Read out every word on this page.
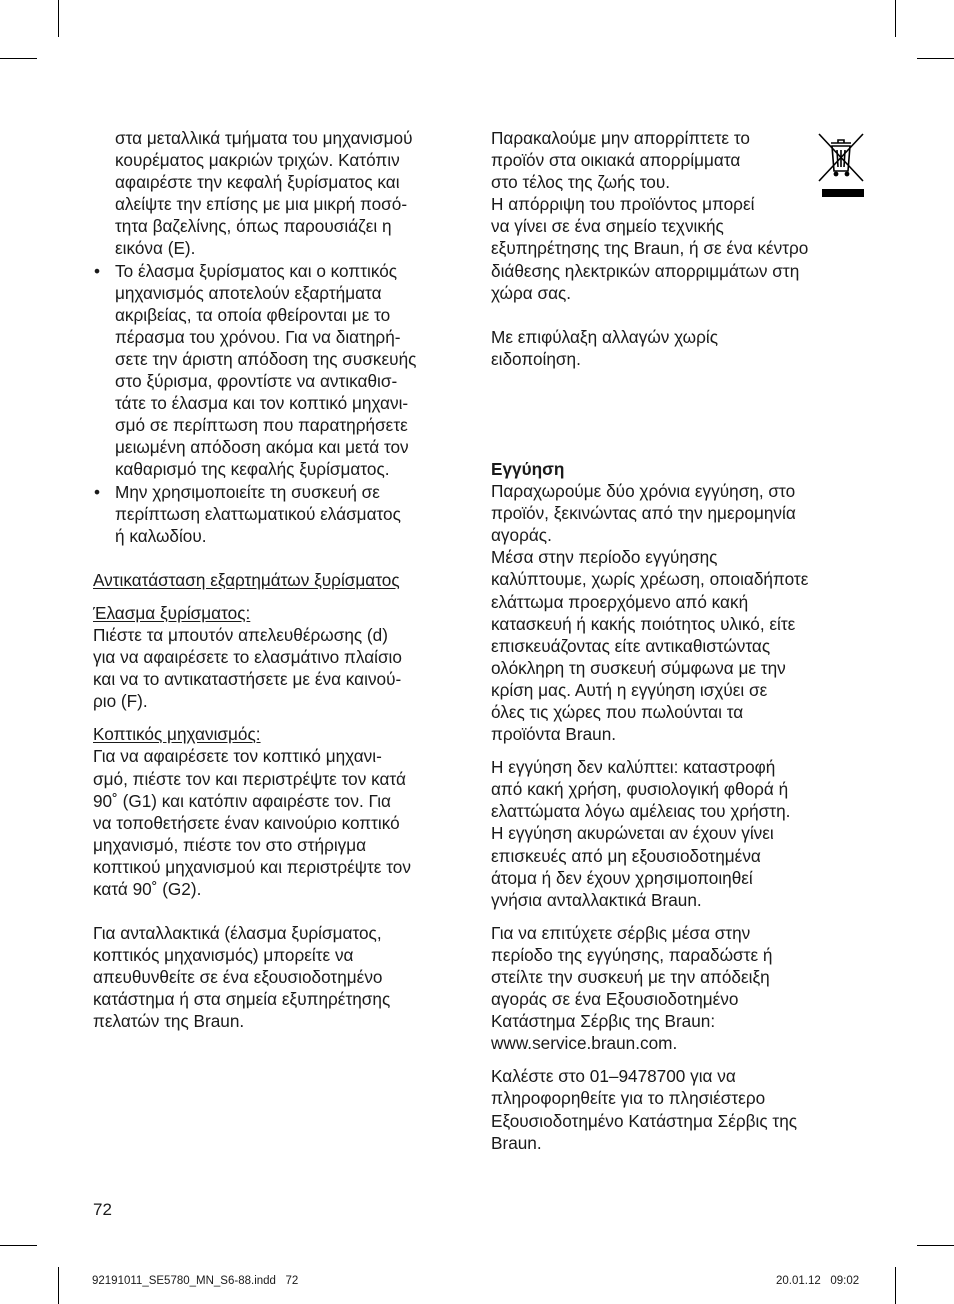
στα μεταλλικά τμήματα του μηχανισμού
κουρέματος μακριών τριχών. Κατόπιν
αφαιρέστε την κεφαλή ξυρίσματος και
αλείψτε την επίσης με μια μικρή ποσό-
τητα βαζελίνης, όπως παρουσιάζει η
εικόνα (E).
• Το έλασμα ξυρίσματος και ο κοπτικός
μηχανισμός αποτελούν εξαρτήματα
ακριβείας, τα οποία φθείρονται με το
πέρασμα του χρόνου. Για να διατηρή-
σετε την άριστη απόδοση της συσκευής
στο ξύρισμα, φροντίστε να αντικαθισ-
τάτε το έλασμα και τον κοπτικό μηχανι-
σμό σε περίπτωση που παρατηρήσετε
μειωμένη απόδοση ακόμα και μετά τον
καθαρισμό της κεφαλής ξυρίσματος.
• Μην χρησιμοποιείτε τη συσκευή σε
περίπτωση ελαττωματικού ελάσματος
ή καλωδίου.

Αντικατάσταση εξαρτημάτων ξυρίσματος

Έλασμα ξυρίσματος:

Πιέστε τα μπουτόν απελευθέρωσης (d)
για να αφαιρέσετε το ελασμάτινο πλαίσιο
και να το αντικαταστήσετε με ένα καινού-
ριο (F).

Κοπτικός μηχανισμός:

Για να αφαιρέσετε τον κοπτικό μηχανι-
σμό, πιέστε τον και περιστρέψτε τον κατά
90˚ (G1) και κατόπιν αφαιρέστε τον. Για
να τοποθετήσετε έναν καινούριο κοπτικό
μηχανισμό, πιέστε τον στο στήριγμα
κοπτικού μηχανισμού και περιστρέψτε τον
κατά 90˚ (G2).
Για ανταλλακτικά (έλασμα ξυρίσματος,
κοπτικός μηχανισμός) μπορείτε να
απευθυνθείτε σε ένα εξουσιοδοτημένο
κατάστημα ή στα σημεία εξυπηρέτησης
πελατών της Braun.
Παρακαλούμε μην απορρίπτετε το
προϊόν στα οικιακά απορρίμματα
στο τέλος της ζωής του.
Η απόρριψη του προϊόντος μπορεί
να γίνει σε ένα σημείο τεχνικής
εξυπηρέτησης της Braun, ή σε ένα κέντρο
διάθεσης ηλεκτρικών απορριμμάτων στη
χώρα σας.
Με επιφύλαξη αλλαγών χωρίς
ειδοποίηση.

Εγγύηση

Παραχωρούμε δύο χρόνια εγγύηση, στο
προϊόν, ξεκινώντας από την ημερομηνία
αγοράς.
Μέσα στην περίοδο εγγύησης
καλύπτουμε, χωρίς χρέωση, οποιαδήποτε
ελάττωμα προερχόμενο από κακή
κατασκευή ή κακής ποιότητος υλικό, είτε
επισκευάζοντας είτε αντικαθιστώντας
ολόκληρη τη συσκευή σύμφωνα με την
κρίση μας. Αυτή η εγγύηση ισχύει σε
όλες τις χώρες που πωλούνται τα
προϊόντα Braun.
Η εγγύηση δεν καλύπτει: καταστροφή
από κακή χρήση, φυσιολογική φθορά ή
ελαττώματα λόγω αμέλειας του χρήστη.
Η εγγύηση ακυρώνεται αν έχουν γίνει
επισκευές από μη εξουσιοδοτημένα
άτομα ή δεν έχουν χρησιμοποιηθεί
γνήσια ανταλλακτικά Braun.
Για να επιτύχετε σέρβις μέσα στην
περίοδο της εγγύησης, παραδώστε ή
στείλτε την συσκευή με την απόδειξη
αγοράς σε ένα Εξουσιοδοτημένο
Κατάστημα Σέρβις της Braun:
www.service.braun.com.
Καλέστε στο 01–9478700 για να
πληροφορηθείτε για το πλησιέστερο
Εξουσιοδοτημένο Κατάστημα Σέρβις της
Braun.
72
92191011_SE5780_MN_S6-88.indd   72	20.01.12   09:02
